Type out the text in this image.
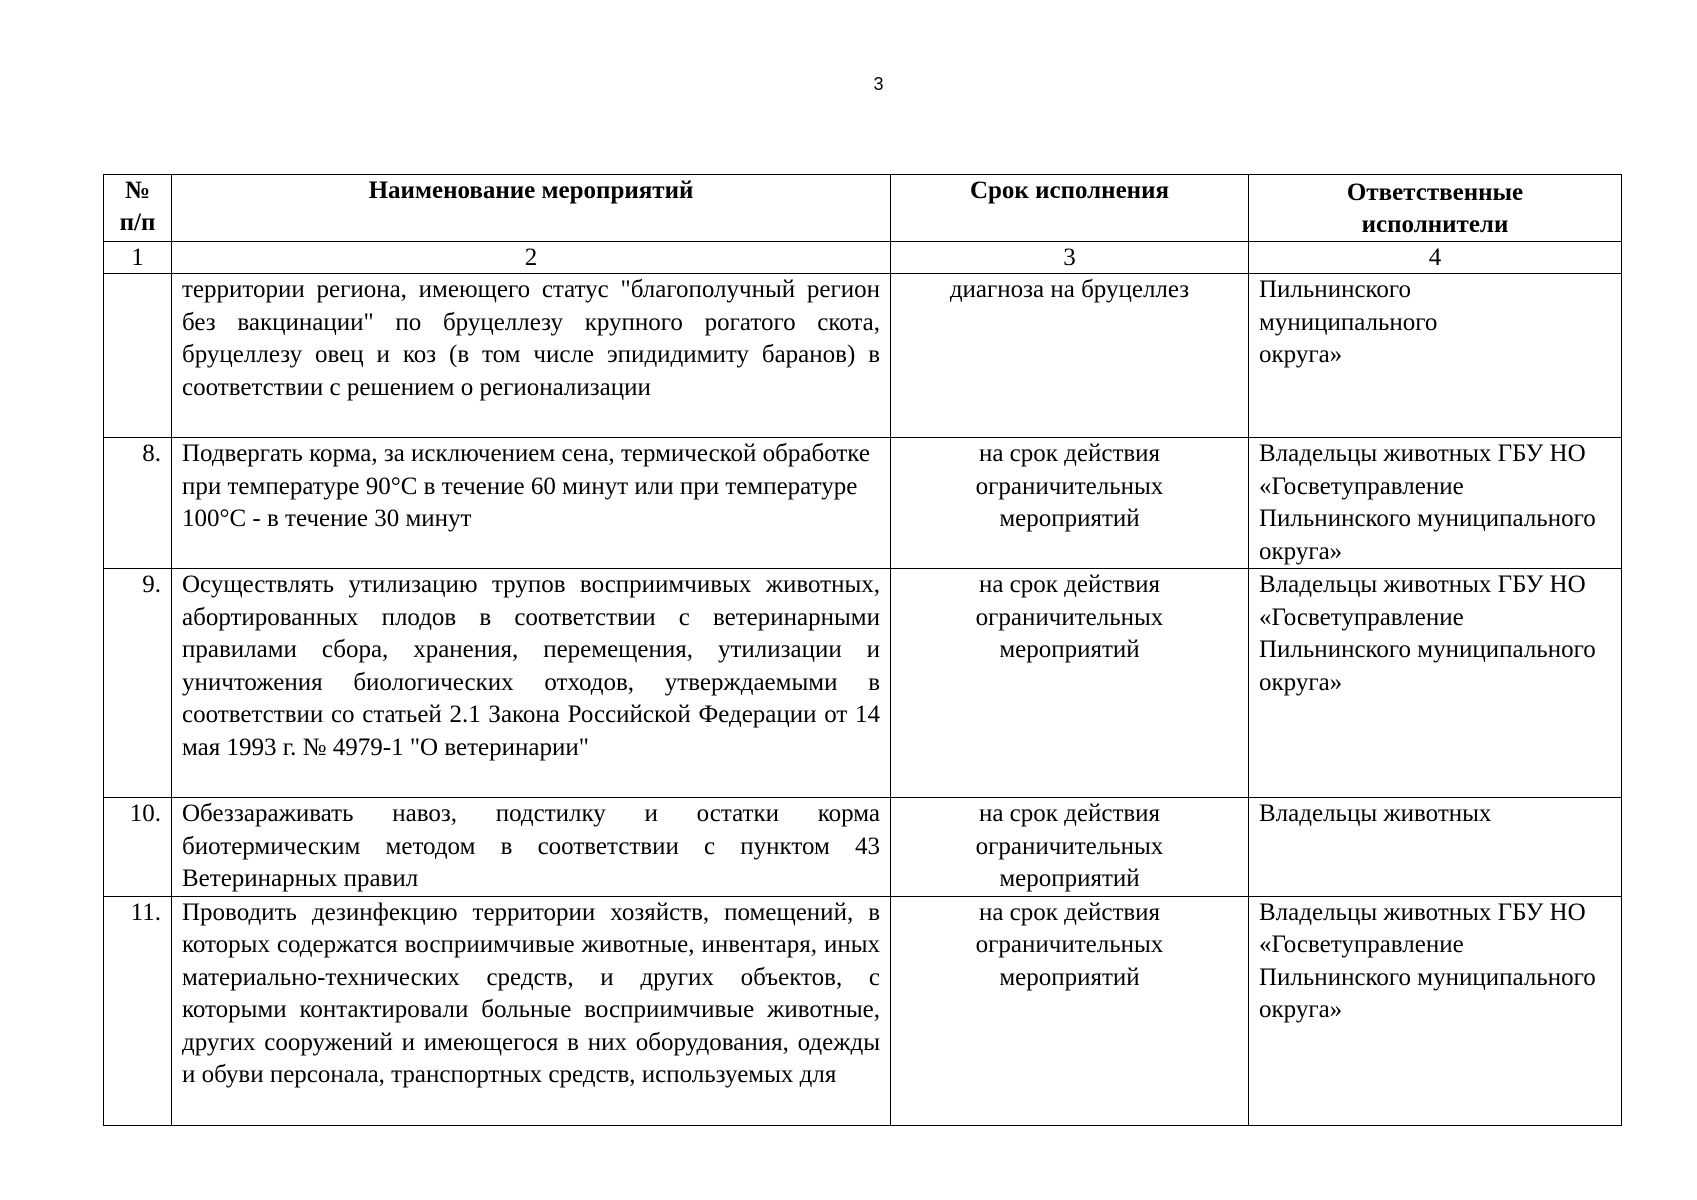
3
№ п/п	Наименование мероприятий	Срок исполнения	Ответственные исполнители
1	2	3	4
	территории региона, имеющего статус "благополучный регион без вакцинации" по бруцеллезу крупного рогатого скота, бруцеллезу овец и коз (в том числе эпидидимиту баранов) в соответствии с решением о регионализации	диагноза на бруцеллез	Пильнинского муниципального округа»
8.	Подвергать корма, за исключением сена, термической обработке при температуре 90°С в течение 60 минут или при температуре 100°С - в течение 30 минут	на срок действия ограничительных мероприятий	Владельцы животных ГБУ НО «Госветуправление Пильнинского муниципального округа»
9.	Осуществлять утилизацию трупов восприимчивых животных, абортированных плодов в соответствии с ветеринарными правилами сбора, хранения, перемещения, утилизации и уничтожения биологических отходов, утверждаемыми в соответствии со статьей 2.1 Закона Российской Федерации от 14 мая 1993 г. № 4979-1 "О ветеринарии"	на срок действия ограничительных мероприятий	Владельцы животных ГБУ НО «Госветуправление Пильнинского муниципального округа»
10.	Обеззараживать навоз, подстилку и остатки корма биотермическим методом в соответствии с пунктом 43 Ветеринарных правил	на срок действия ограничительных мероприятий	Владельцы животных
11.	Проводить дезинфекцию территории хозяйств, помещений, в которых содержатся восприимчивые животные, инвентаря, иных материально-технических средств, и других объектов, с которыми контактировали больные восприимчивые животные, других сооружений и имеющегося в них оборудования, одежды и обуви персонала, транспортных средств, используемых для	на срок действия ограничительных мероприятий	Владельцы животных ГБУ НО «Госветуправление Пильнинского муниципального округа»
